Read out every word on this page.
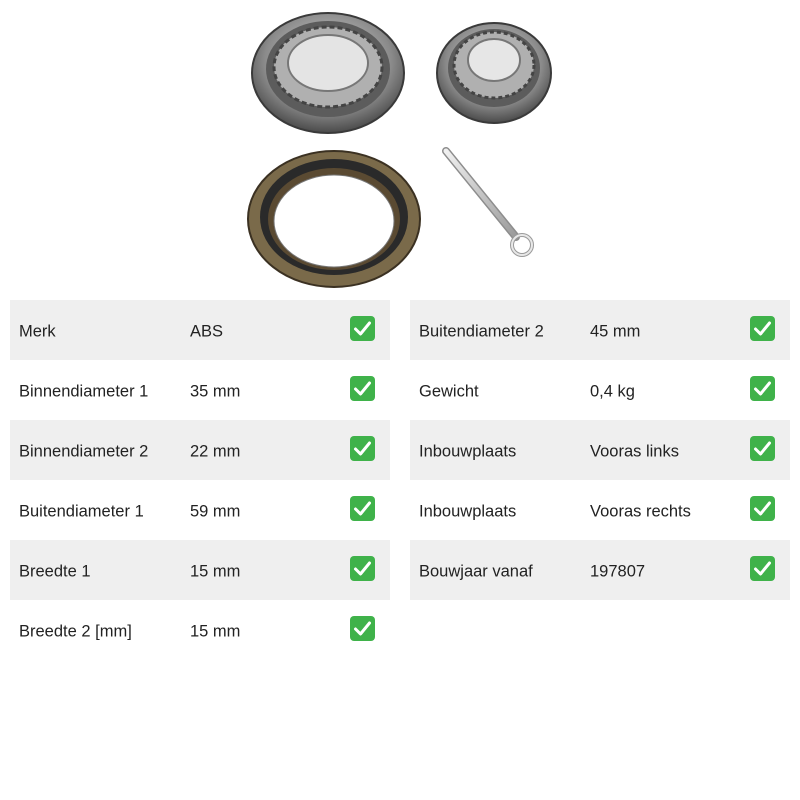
Merk	ABS
Binnendiameter 1	35 mm
Binnendiameter 2	22 mm
Buitendiameter 1	59 mm
Breedte 1	15 mm
Breedte 2 [mm]	15 mm
Buitendiameter 2	45 mm
Gewicht	0,4 kg
Inbouwplaats	Vooras links
Inbouwplaats	Vooras rechts
Bouwjaar vanaf	197807
